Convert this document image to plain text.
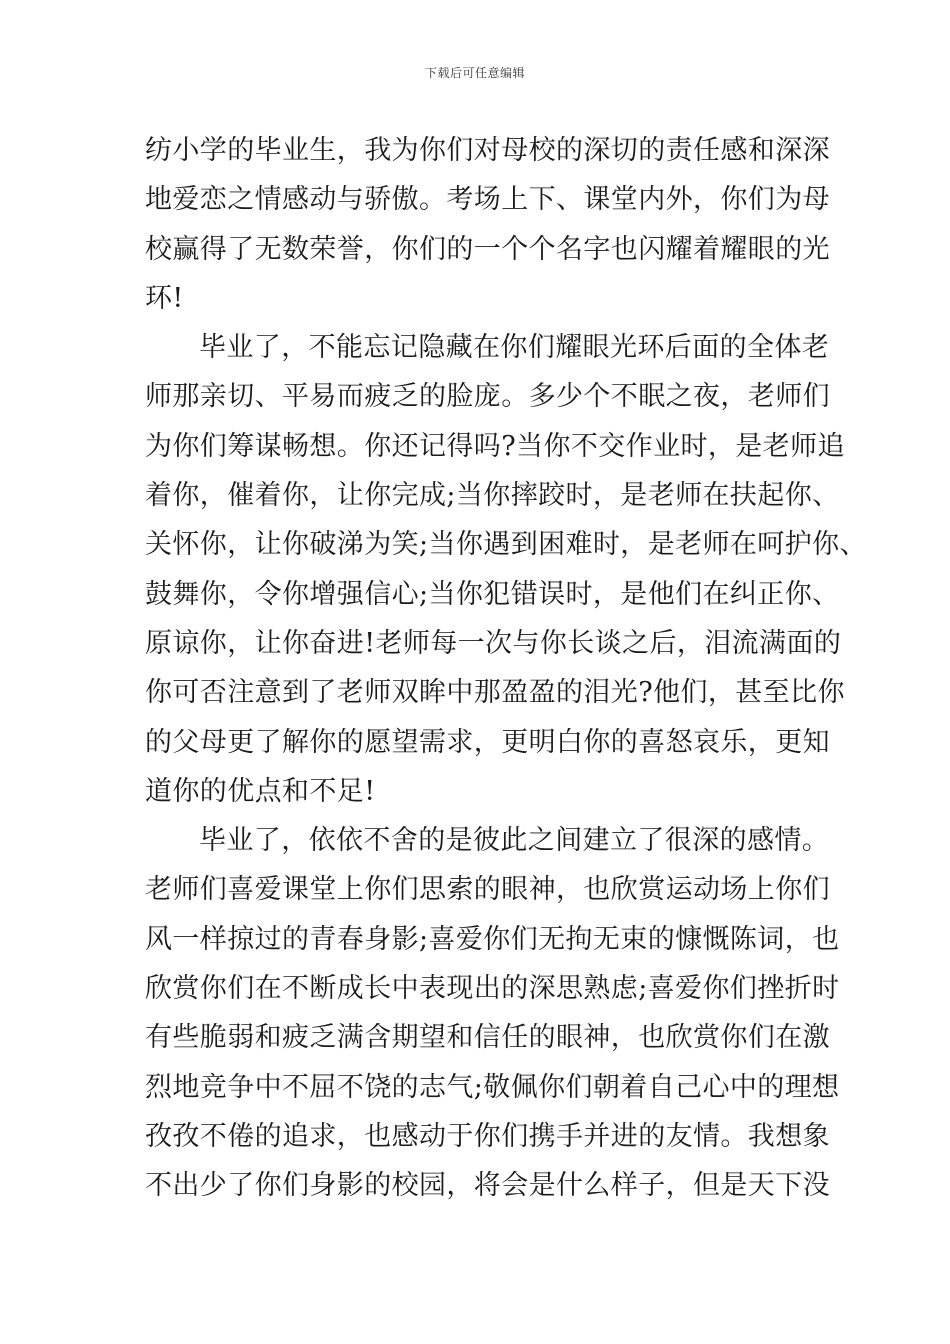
下载后可任意编辑
纺小学的毕业生，我为你们对母校的深切的责任感和深深
地爱恋之情感动与骄傲。考场上下、课堂内外，你们为母
校赢得了无数荣誉，你们的一个个名字也闪耀着耀眼的光
环!
毕业了，不能忘记隐藏在你们耀眼光环后面的全体老
师那亲切、平易而疲乏的脸庞。多少个不眠之夜，老师们
为你们筹谋畅想。你还记得吗?当你不交作业时，是老师追
着你，催着你，让你完成;当你摔跤时，是老师在扶起你、
关怀你，让你破涕为笑;当你遇到困难时，是老师在呵护你、
鼓舞你，令你增强信心;当你犯错误时，是他们在纠正你、
原谅你，让你奋进!老师每一次与你长谈之后，泪流满面的
你可否注意到了老师双眸中那盈盈的泪光?他们，甚至比你
的父母更了解你的愿望需求，更明白你的喜怒哀乐，更知
道你的优点和不足!
毕业了，依依不舍的是彼此之间建立了很深的感情。
老师们喜爱课堂上你们思索的眼神，也欣赏运动场上你们
风一样掠过的青春身影;喜爱你们无拘无束的慷慨陈词，也
欣赏你们在不断成长中表现出的深思熟虑;喜爱你们挫折时
有些脆弱和疲乏满含期望和信任的眼神，也欣赏你们在激
烈地竞争中不屈不饶的志气;敬佩你们朝着自己心中的理想
孜孜不倦的追求，也感动于你们携手并进的友情。我想象
不出少了你们身影的校园，将会是什么样子，但是天下没
